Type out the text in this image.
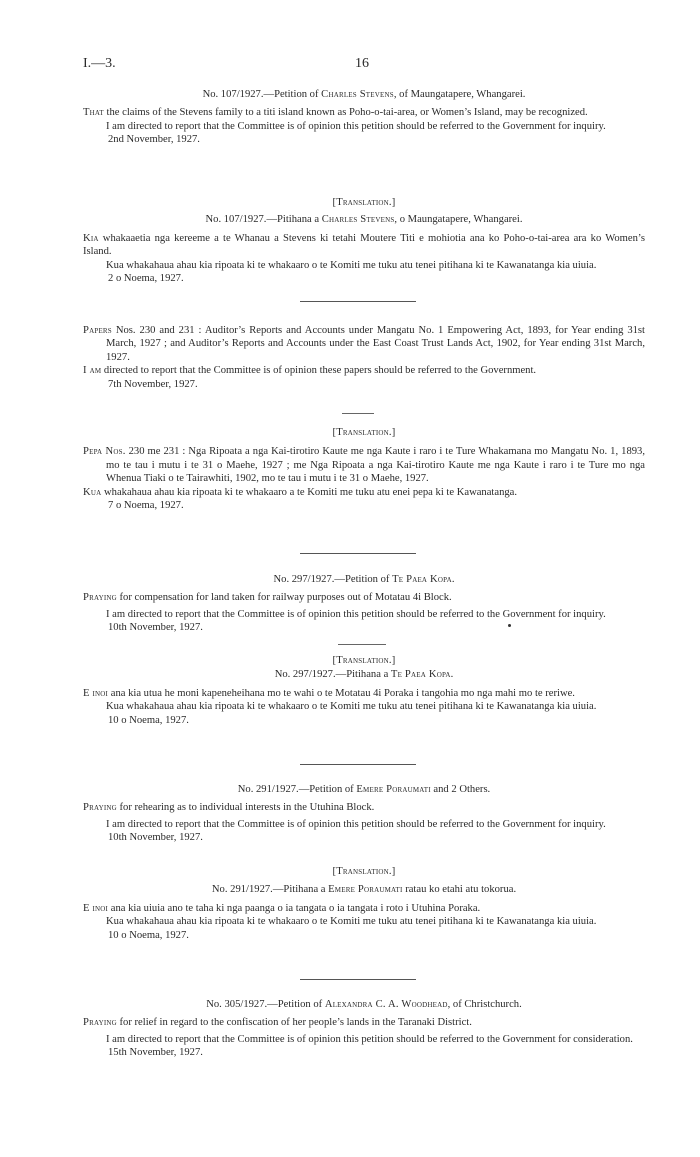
I.—3.	16
No. 107/1927.—Petition of Charles Stevens, of Maungatapere, Whangarei.
That the claims of the Stevens family to a titi island known as Poho-o-tai-area, or Women’s Island, may be recognized.
I am directed to report that the Committee is of opinion this petition should be referred to the Government for inquiry.
2nd November, 1927.
[Translation.]
No. 107/1927.—Pitihana a Charles Stevens, o Maungatapere, Whangarei.
Kia whakaaetia nga kereeme a te Whanau a Stevens ki tetahi Moutere Titi e mohiotia ana ko Poho-o-tai-area ara ko Women’s Island.
Kua whakahaua ahau kia ripoata ki te whakaaro o te Komiti me tuku atu tenei pitihana ki te Kawanatanga kia uiuia.
2 o Noema, 1927.
Papers Nos. 230 and 231 : Auditor’s Reports and Accounts under Mangatu No. 1 Empowering Act, 1893, for Year ending 31st March, 1927 ; and Auditor’s Reports and Accounts under the East Coast Trust Lands Act, 1902, for Year ending 31st March, 1927.
I am directed to report that the Committee is of opinion these papers should be referred to the Government.
7th November, 1927.
[Translation.]
Pepa Nos. 230 me 231 : Nga Ripoata a nga Kai-tirotiro Kaute me nga Kaute i raro i te Ture Whakamana mo Mangatu No. 1, 1893, mo te tau i mutu i te 31 o Maehe, 1927 ; me Nga Ripoata a nga Kai-tirotiro Kaute me nga Kaute i raro i te Ture mo nga Whenua Tiaki o te Tairawhiti, 1902, mo te tau i mutu i te 31 o Maehe, 1927.
Kua whakahaua ahau kia ripoata ki te whakaaro a te Komiti me tuku atu enei pepa ki te Kawanatanga.
7 o Noema, 1927.
No. 297/1927.—Petition of Te Paea Kopa.
Praying for compensation for land taken for railway purposes out of Motatau 4i Block.
I am directed to report that the Committee is of opinion this petition should be referred to the Government for inquiry.
10th November, 1927.
[Translation.]
No. 297/1927.—Pitihana a Te Paea Kopa.
E inoi ana kia utua he moni kapeneheihana mo te wahi o te Motatau 4i Poraka i tangohia mo nga mahi mo te reriwe.
Kua whakahaua ahau kia ripoata ki te whakaaro o te Komiti me tuku atu tenei pitihana ki te Kawanatanga kia uiuia.
10 o Noema, 1927.
No. 291/1927.—Petition of Emere Poraumati and 2 Others.
Praying for rehearing as to individual interests in the Utuhina Block.
I am directed to report that the Committee is of opinion this petition should be referred to the Government for inquiry.
10th November, 1927.
[Translation.]
No. 291/1927.—Pitihana a Emere Poraumati ratau ko etahi atu tokorua.
E inoi ana kia uiuia ano te taha ki nga paanga o ia tangata o ia tangata i roto i Utuhina Poraka.
Kua whakahaua ahau kia ripoata ki te whakaaro o te Komiti me tuku atu tenei pitihana ki te Kawanatanga kia uiuia.
10 o Noema, 1927.
No. 305/1927.—Petition of Alexandra C. A. Woodhead, of Christchurch.
Praying for relief in regard to the confiscation of her people’s lands in the Taranaki District.
I am directed to report that the Committee is of opinion this petition should be referred to the Government for consideration.
15th November, 1927.
